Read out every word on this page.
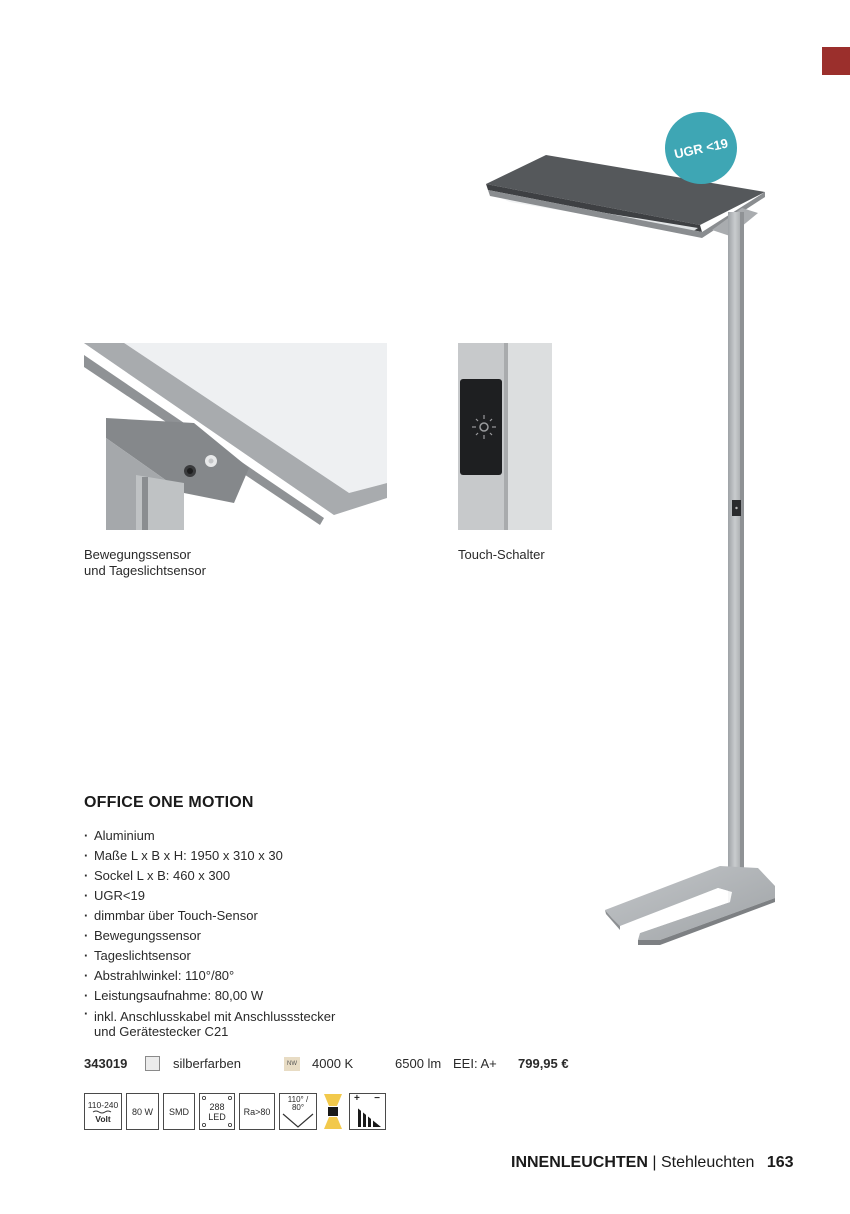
UGR <19
Bewegungssensor
und Tageslichtsensor
Touch-Schalter
OFFICE ONE MOTION
· Aluminium
· Maße L x B x H: 1950 x 310 x 30
· Sockel L x B: 460 x 300
· UGR<19
· dimmbar über Touch-Sensor
· Bewegungssensor
· Tageslichtsensor
· Abstrahlwinkel: 110°/80°
· Leistungsaufnahme: 80,00 W
· inkl. Anschlusskabel mit Anschlussstecker
und Gerätestecker C21
343019	silberfarben	NW 4000 K	6500 lm EEI: A+ 799,95 €
110-240
Volt
80 W SMD 288
LED Ra>80
110° /
80°
+ −
INNENLEUCHTEN | Stehleuchten 163
